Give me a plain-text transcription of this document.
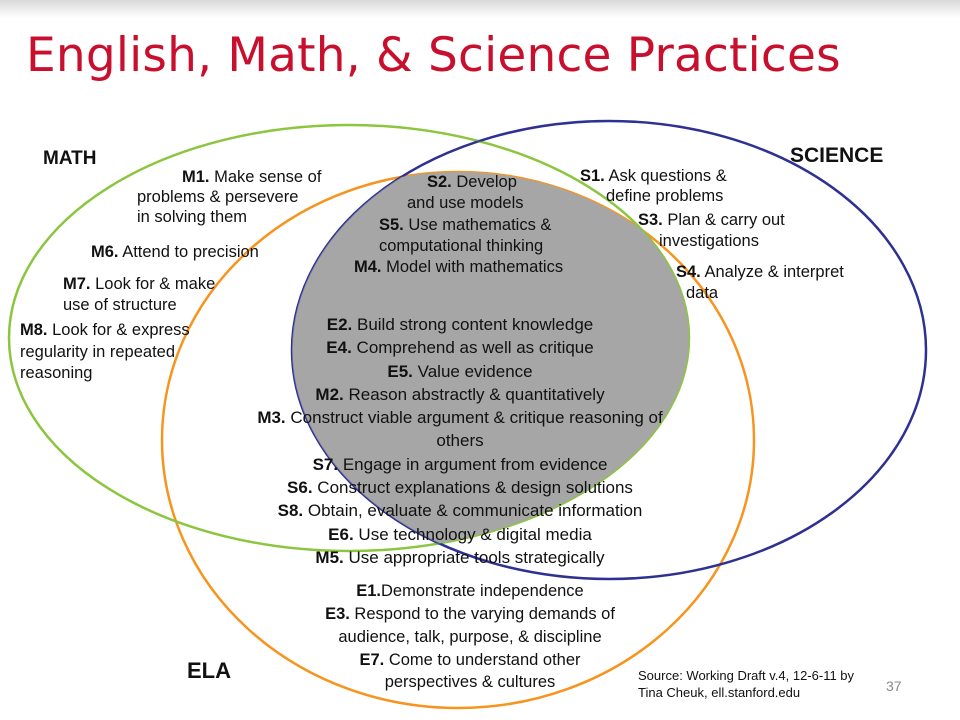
English, Math, & Science Practices
MATH	SCIENCE
ELA
M1. Make sense of
problems & persevere
in solving them
M6. Attend to precision
M7. Look for & make
use of structure
M8. Look for & express
regularity in repeated
reasoning
S2. Develop
and use models
S5. Use mathematics &
computational thinking
M4. Model with mathematics
S1. Ask questions &
define problems
S3. Plan & carry out
investigations
S4. Analyze & interpret
data
E2. Build strong content knowledge
E4. Comprehend as well as critique
E5. Value evidence
M2. Reason abstractly & quantitatively
M3. Construct viable argument & critique reasoning of
others
S7. Engage in argument from evidence
S6. Construct explanations & design solutions
S8. Obtain, evaluate & communicate information
E6. Use technology & digital media
M5. Use appropriate tools strategically
E1.Demonstrate independence
E3. Respond to the varying demands of
audience, talk, purpose, & discipline
E7. Come to understand other
perspectives & cultures	Source: Working Draft v.4, 12-6-11 by
Tina Cheuk, ell.stanford.edu	37
